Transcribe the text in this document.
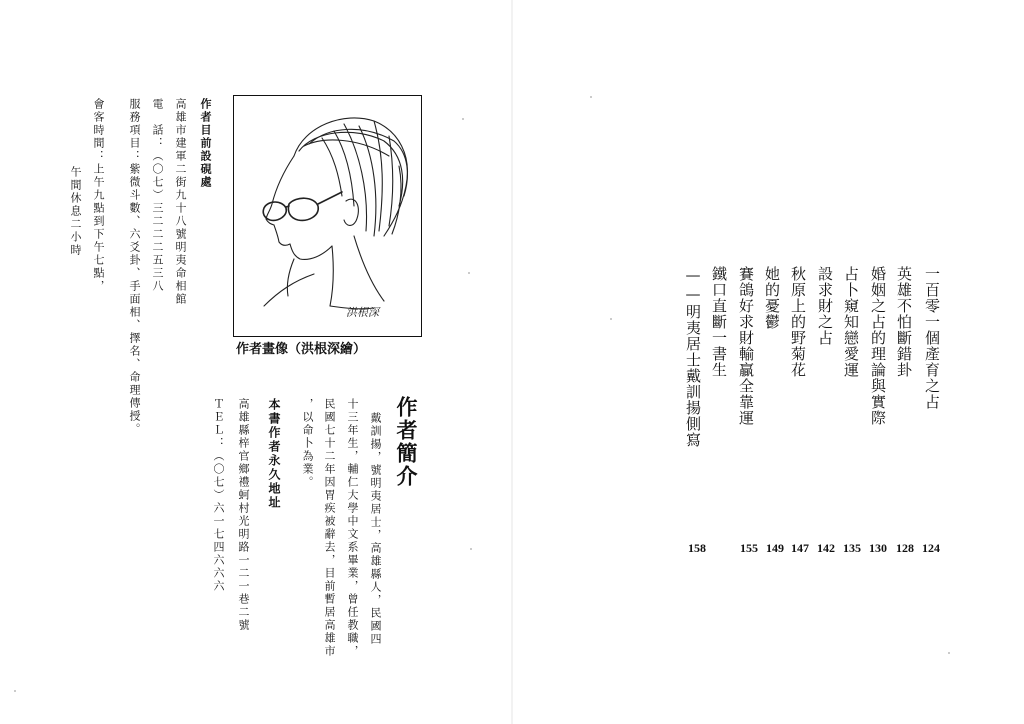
作者目前設硯處
高雄市建軍二街九十八號明夷命相館
電　話：（〇七）三二二二五三八
服務項目：紫微斗數、六爻卦、手面相、擇名、命理傳授。
會客時間：上午九點到下午七點，
午間休息二小時
洪根深
作者畫像（洪根深繪）
作者簡介
戴訓揚，號明夷居士，高雄縣人，民國四
十三年生，輔仁大學中文系畢業，曾任教職，
民國七十二年因胃疾被辭去，目前暫居高雄市
，以命卜為業。
本書作者永久地址
高雄縣梓官鄉禮蚵村光明路一二一巷二號
ＴＥＬ：（〇七）六一七四六六六
一百零一個產育之占
英雄不怕斷錯卦
婚姻之占的理論與實際
占卜窺知戀愛運
設求財之占
秋原上的野菊花
她的憂鬱
賽鴿好求財輸贏全靠運
鐵口直斷一書生
——明夷居士戴訓揚側寫
124
128
130
135
142
147
149
155
158
